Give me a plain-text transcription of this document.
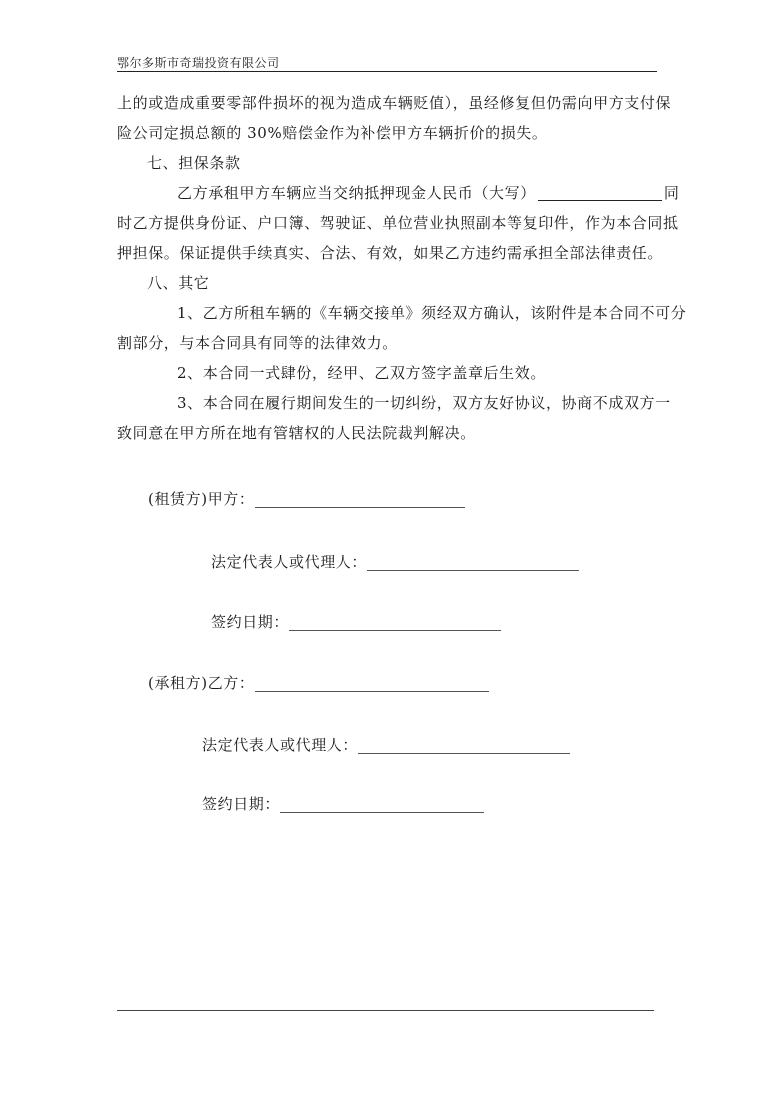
鄂尔多斯市奇瑞投资有限公司
上的或造成重要零部件损坏的视为造成车辆贬值），虽经修复但仍需向甲方支付保
险公司定损总额的 30%赔偿金作为补偿甲方车辆折价的损失。
七、担保条款
乙方承租甲方车辆应当交纳抵押现金人民币（大写）	同
时乙方提供身份证、户口簿、驾驶证、单位营业执照副本等复印件，作为本合同抵
押担保。保证提供手续真实、合法、有效，如果乙方违约需承担全部法律责任。
八、其它
1、乙方所租车辆的《车辆交接单》须经双方确认，该附件是本合同不可分
割部分，与本合同具有同等的法律效力。
2、本合同一式肆份，经甲、乙双方签字盖章后生效。
3、本合同在履行期间发生的一切纠纷，双方友好协议，协商不成双方一
致同意在甲方所在地有管辖权的人民法院裁判解决。
(租赁方)甲方：
法定代表人或代理人：
签约日期：
(承租方)乙方：
法定代表人或代理人：
签约日期：
